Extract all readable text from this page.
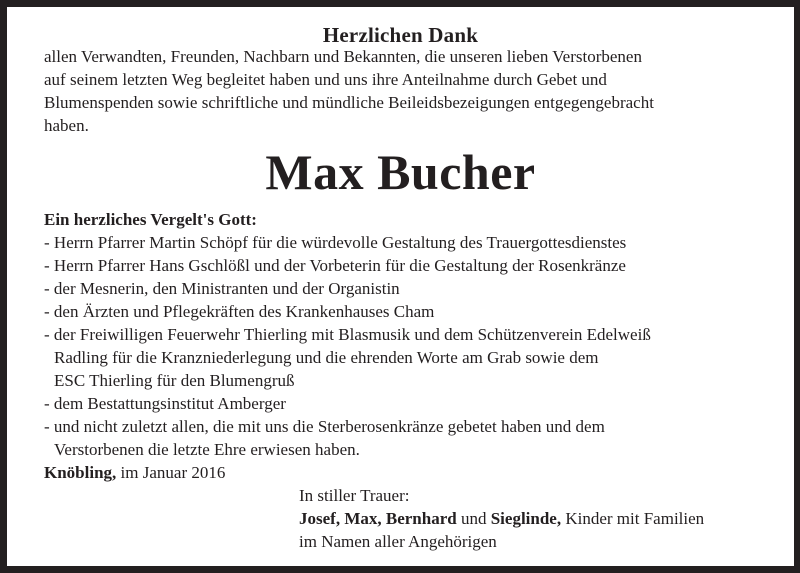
Herzlichen Dank
allen Verwandten, Freunden, Nachbarn und Bekannten, die unseren lieben Verstorbenen
auf seinem letzten Weg begleitet haben und uns ihre Anteilnahme durch Gebet und
Blumenspenden sowie schriftliche und mündliche Beileidsbezeigungen entgegengebracht
haben.
Max Bucher
Ein herzliches Vergelt's Gott:
- Herrn Pfarrer Martin Schöpf für die würdevolle Gestaltung des Trauergottesdienstes
- Herrn Pfarrer Hans Gschlößl und der Vorbeterin für die Gestaltung der Rosenkränze
- der Mesnerin, den Ministranten und der Organistin
- den Ärzten und Pflegekräften des Krankenhauses Cham
- der Freiwilligen Feuerwehr Thierling mit Blasmusik und dem Schützenverein Edelweiß
Radling für die Kranzniederlegung und die ehrenden Worte am Grab sowie dem
ESC Thierling für den Blumengruß
- dem Bestattungsinstitut Amberger
- und nicht zuletzt allen, die mit uns die Sterberosenkränze gebetet haben und dem
Verstorbenen die letzte Ehre erwiesen haben.
Knöbling, im Januar 2016
In stiller Trauer:
Josef, Max, Bernhard und Sieglinde, Kinder mit Familien
im Namen aller Angehörigen
